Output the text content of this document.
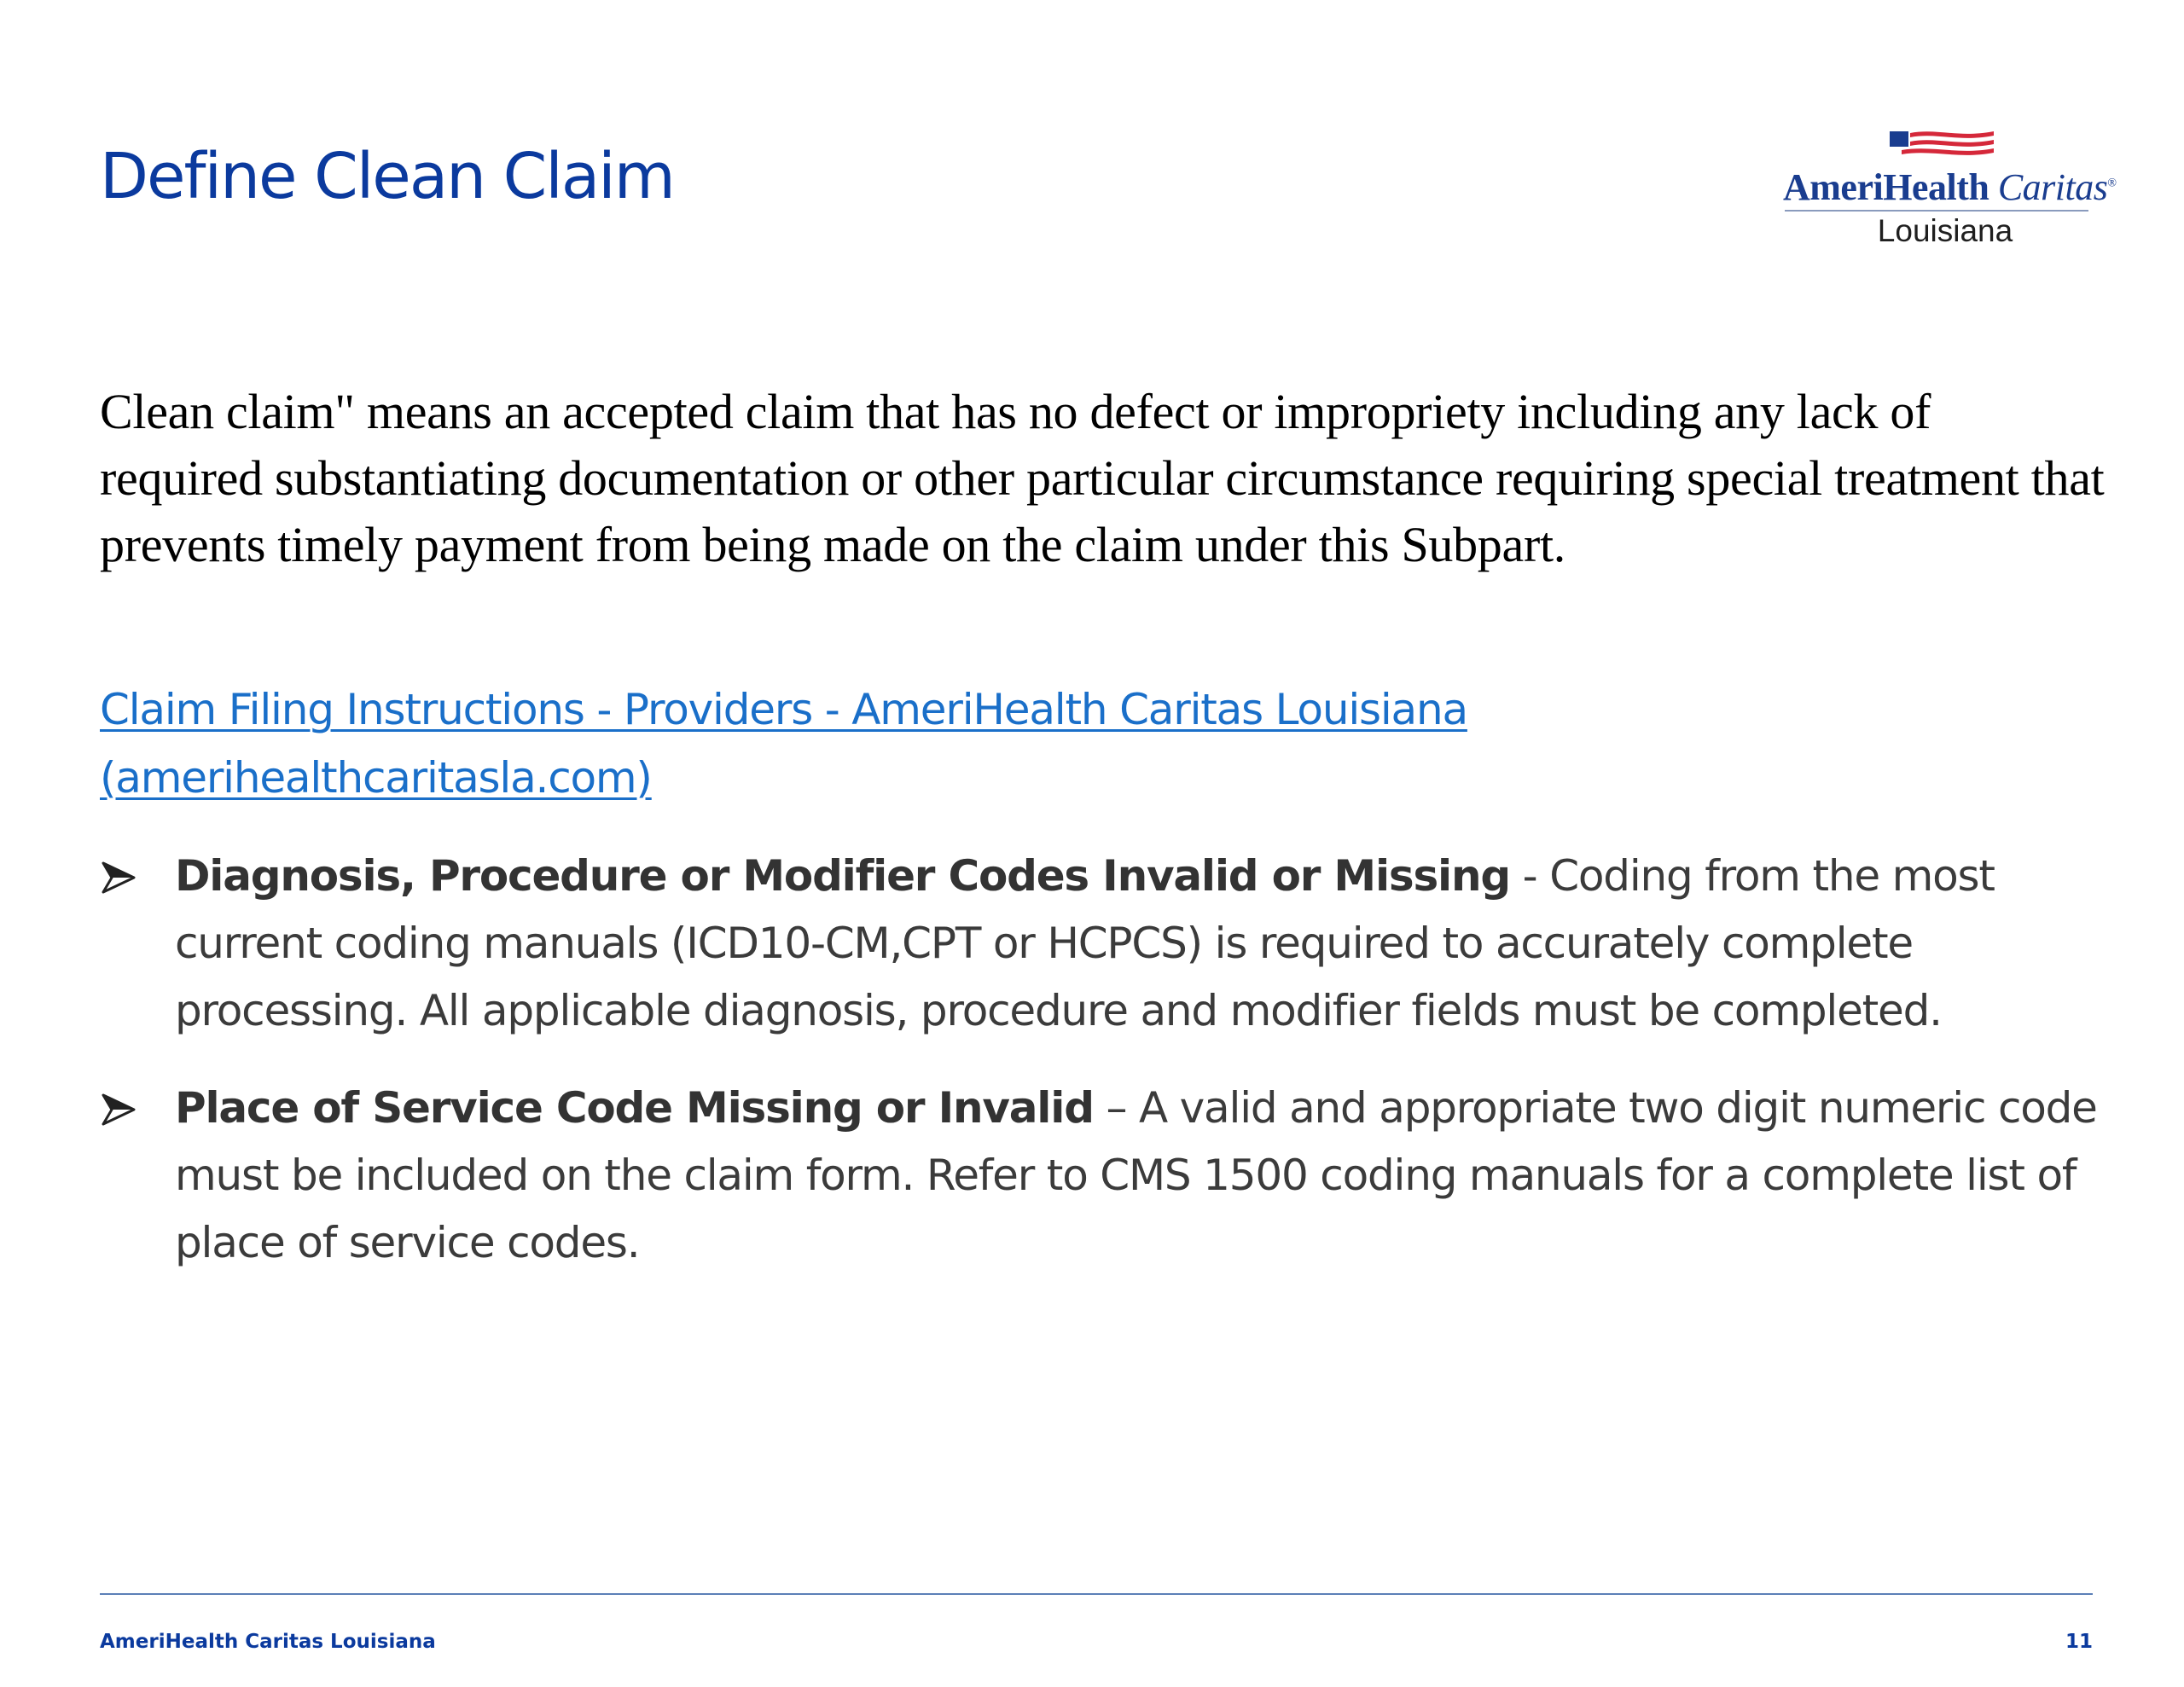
Define Clean Claim	AmeriHealth Caritas®
Louisiana

Clean claim" means an accepted claim that has no defect or impropriety including any lack of required substantiating documentation or other particular circumstance requiring special treatment that prevents timely payment from being made on the claim under this Subpart.

Claim Filing Instructions - Providers - AmeriHealth Caritas Louisiana (amerihealthcaritasla.com)
Diagnosis, Procedure or Modifier Codes Invalid or Missing - Coding from the most current coding manuals (ICD10-CM,CPT or HCPCS) is required to accurately complete processing. All applicable diagnosis, procedure and modifier fields must be completed.
Place of Service Code Missing or Invalid – A valid and appropriate two digit numeric code must be included on the claim form. Refer to CMS 1500 coding manuals for a complete list of place of service codes.
AmeriHealth Caritas Louisiana	11
